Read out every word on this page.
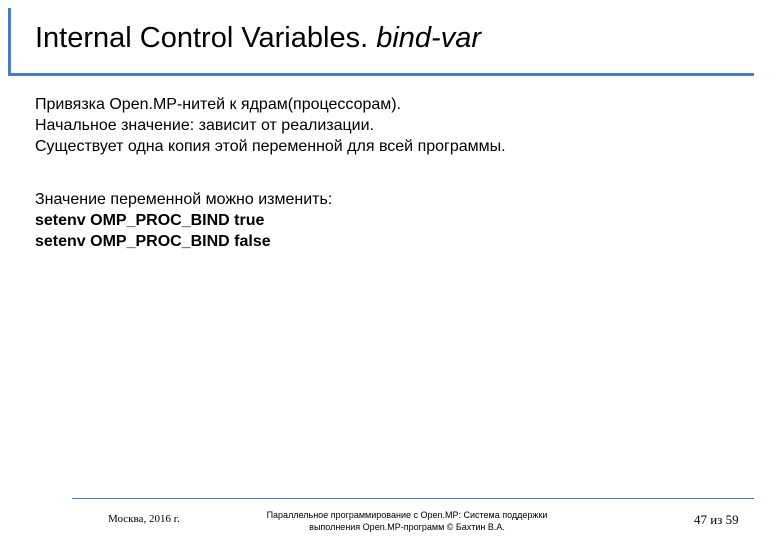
Internal Control Variables. bind-var
Привязка Open.MP-нитей к ядрам(процессорам).
Начальное значение: зависит от реализации.
Существует одна копия этой переменной для всей программы.
Значение переменной можно изменить:
setenv OMP_PROC_BIND true
setenv OMP_PROC_BIND false
Москва, 2016 г.	Параллельное программирование с Open.MP: Система поддержки
выполнения Open.MP-программ © Бахтин В.А.	47 из 59
